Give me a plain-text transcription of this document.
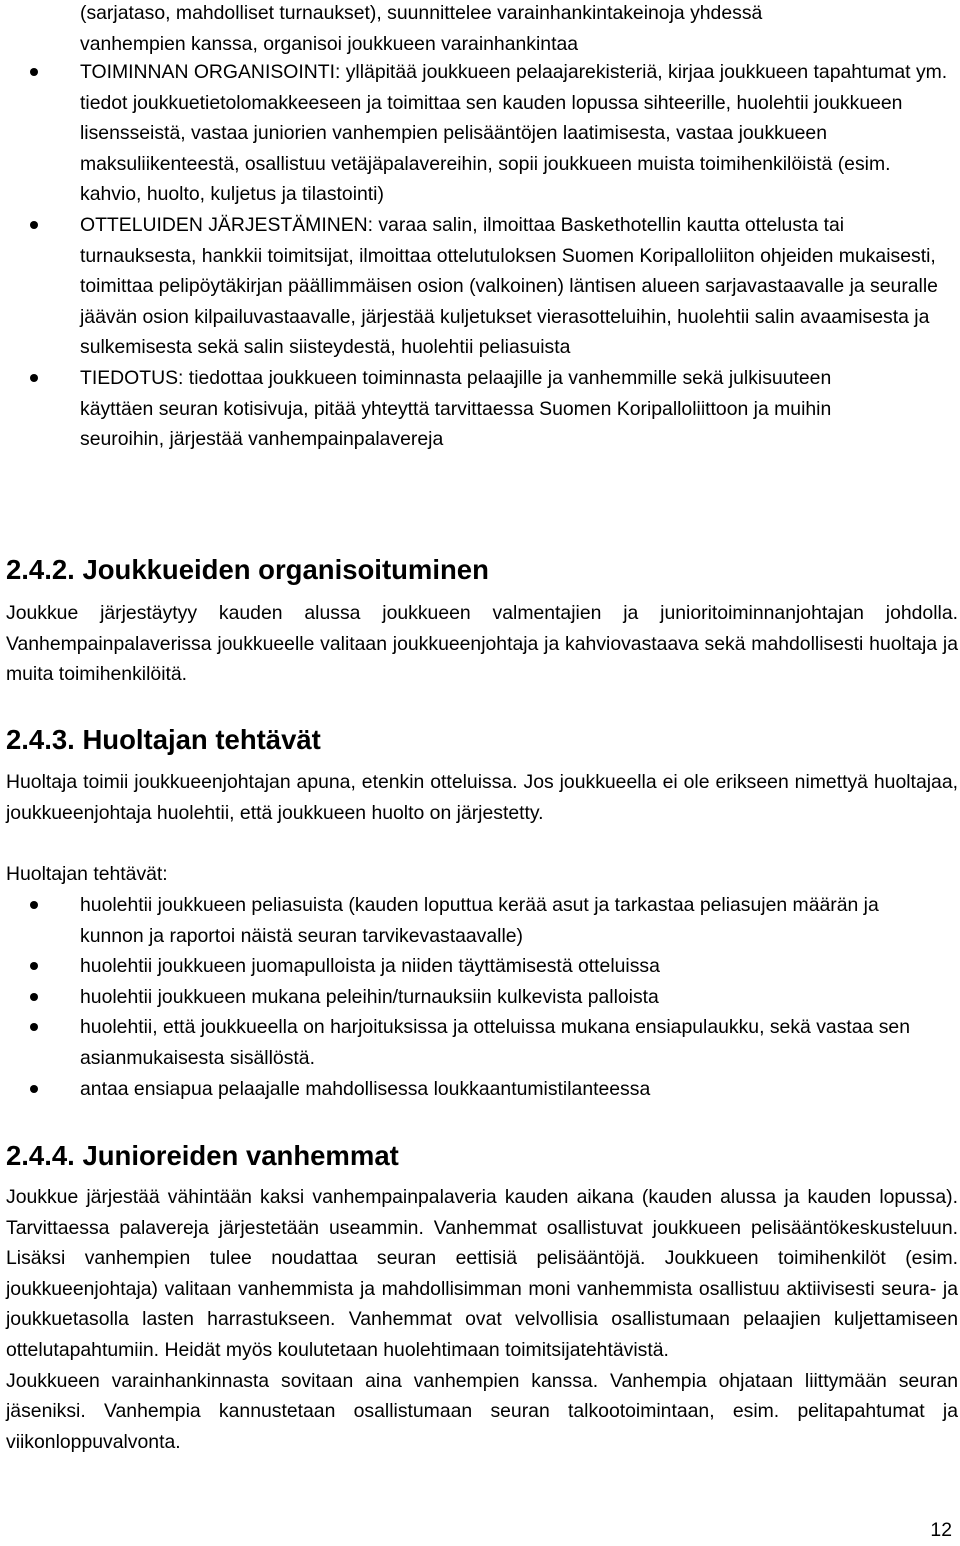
(sarjataso, mahdolliset turnaukset), suunnittelee varainhankintakeinoja yhdessä
vanhempien kanssa, organisoi joukkueen varainhankintaa
TOIMINNAN ORGANISOINTI: ylläpitää joukkueen pelaajarekisteriä, kirjaa joukkueen tapahtumat ym. tiedot joukkuetietolomakkeeseen ja toimittaa sen kauden lopussa sihteerille, huolehtii joukkueen lisensseistä, vastaa juniorien vanhempien pelisääntöjen laatimisesta, vastaa joukkueen maksuliikenteestä, osallistuu vetäjäpalavereihin, sopii joukkueen muista toimihenkilöistä (esim. kahvio, huolto, kuljetus ja tilastointi)
OTTELUIDEN JÄRJESTÄMINEN: varaa salin, ilmoittaa Baskethotellin kautta ottelusta tai turnauksesta, hankkii toimitsijat, ilmoittaa ottelutuloksen Suomen Koripalloliiton ohjeiden mukaisesti, toimittaa pelipöytäkirjan päällimmäisen osion (valkoinen) läntisen alueen sarjavastaavalle ja seuralle jäävän osion kilpailuvastaavalle, järjestää kuljetukset vierasotteluihin, huolehtii salin avaamisesta ja sulkemisesta sekä salin siisteydestä, huolehtii peliasuista
TIEDOTUS: tiedottaa joukkueen toiminnasta pelaajille ja vanhemmille sekä julkisuuteen käyttäen seuran kotisivuja, pitää yhteyttä tarvittaessa Suomen Koripalloliittoon ja muihin seuroihin, järjestää vanhempainpalavereja
2.4.2. Joukkueiden organisoituminen

Joukkue järjestäytyy kauden alussa joukkueen valmentajien ja junioritoiminnanjohtajan johdolla. Vanhempainpalaverissa joukkueelle valitaan joukkueenjohtaja ja kahviovastaava sekä mahdollisesti huoltaja ja muita toimihenkilöitä.

2.4.3. Huoltajan tehtävät

Huoltaja toimii joukkueenjohtajan apuna, etenkin otteluissa. Jos joukkueella ei ole erikseen nimettyä huoltajaa, joukkueenjohtaja huolehtii, että joukkueen huolto on järjestetty.

Huoltajan tehtävät:
huolehtii joukkueen peliasuista (kauden loputtua kerää asut ja tarkastaa peliasujen määrän ja kunnon ja raportoi näistä seuran tarvikevastaavalle)
huolehtii joukkueen juomapulloista ja niiden täyttämisestä otteluissa
huolehtii joukkueen mukana peleihin/turnauksiin kulkevista palloista
huolehtii, että joukkueella on harjoituksissa ja otteluissa mukana ensiapulaukku, sekä vastaa sen asianmukaisesta sisällöstä.
antaa ensiapua pelaajalle mahdollisessa loukkaantumistilanteessa
2.4.4. Junioreiden vanhemmat

Joukkue järjestää vähintään kaksi vanhempainpalaveria kauden aikana (kauden alussa ja kauden lopussa). Tarvittaessa palavereja järjestetään useammin. Vanhemmat osallistuvat joukkueen pelisääntökeskusteluun. Lisäksi vanhempien tulee noudattaa seuran eettisiä pelisääntöjä. Joukkueen toimihenkilöt (esim. joukkueenjohtaja) valitaan vanhemmista ja mahdollisimman moni vanhemmista osallistuu aktiivisesti seura- ja joukkuetasolla lasten harrastukseen. Vanhemmat ovat velvollisia osallistumaan pelaajien kuljettamiseen ottelutapahtumiin. Heidät myös koulutetaan huolehtimaan toimitsijatehtävistä.

Joukkueen varainhankinnasta sovitaan aina vanhempien kanssa. Vanhempia ohjataan liittymään seuran jäseniksi. Vanhempia kannustetaan osallistumaan seuran talkootoimintaan, esim. pelitapahtumat ja viikonloppuvalvonta.

12
